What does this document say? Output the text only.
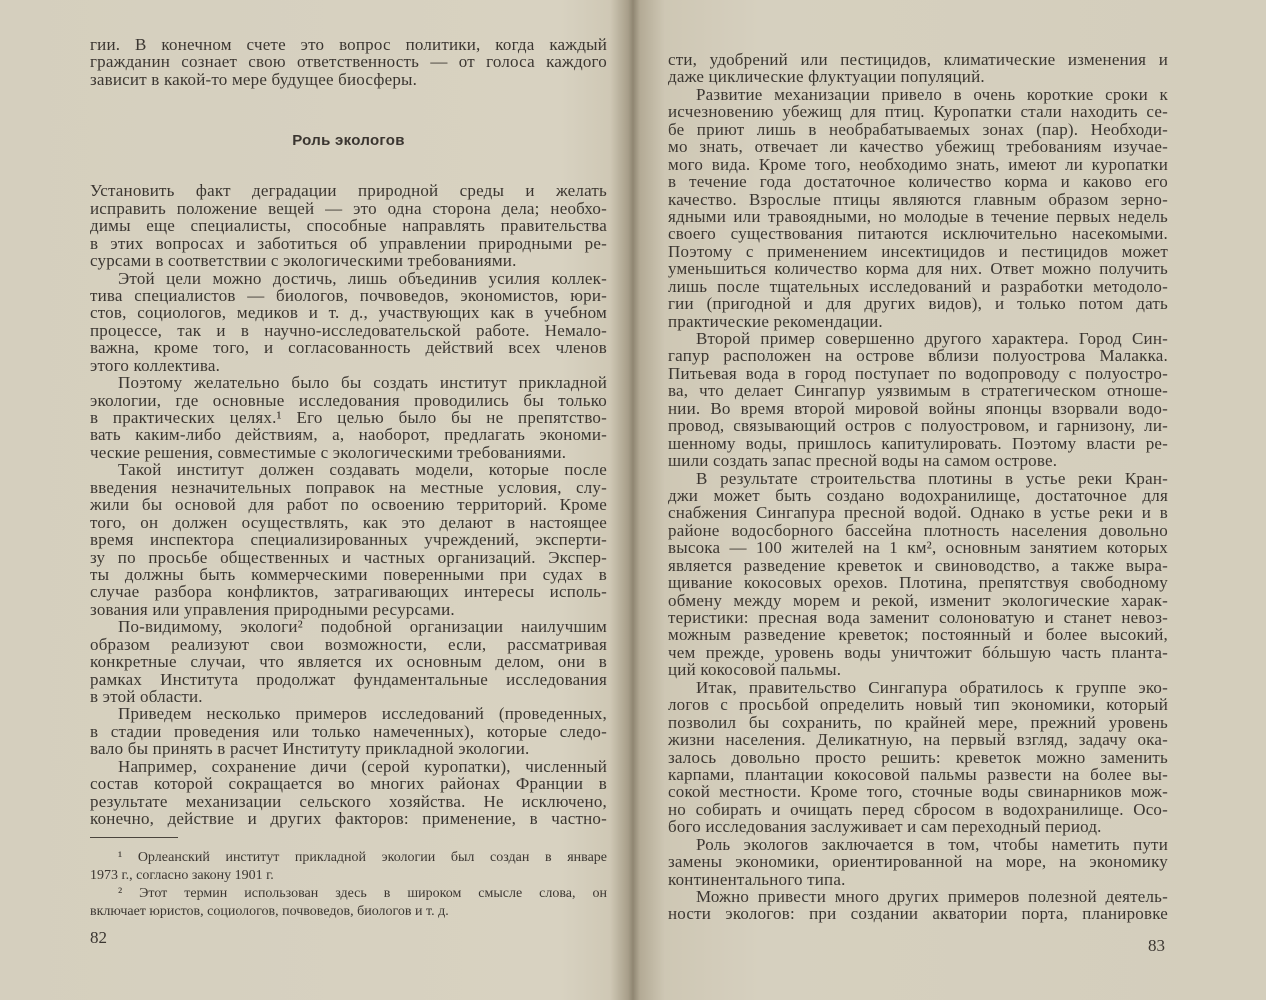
гии. В конечном счете это вопрос политики, когда каждый
гражданин сознает свою ответственность — от голоса каждого
зависит в какой-то мере будущее биосферы.
Роль экологов
Установить факт деградации природной среды и желать
исправить положение вещей — это одна сторона дела; необхо-
димы еще специалисты, способные направлять правительства
в этих вопросах и заботиться об управлении природными ре-
сурсами в соответствии с экологическими требованиями.
Этой цели можно достичь, лишь объединив усилия коллек-
тива специалистов — биологов, почвоведов, экономистов, юри-
стов, социологов, медиков и т. д., участвующих как в учебном
процессе, так и в научно-исследовательской работе. Немало-
важна, кроме того, и согласованность действий всех членов
этого коллектива.
Поэтому желательно было бы создать институт прикладной
экологии, где основные исследования проводились бы только
в практических целях.¹ Его целью было бы не препятство-
вать каким-либо действиям, а, наоборот, предлагать экономи-
ческие решения, совместимые с экологическими требованиями.
Такой институт должен создавать модели, которые после
введения незначительных поправок на местные условия, слу-
жили бы основой для работ по освоению территорий. Кроме
того, он должен осуществлять, как это делают в настоящее
время инспектора специализированных учреждений, эксперти-
зу по просьбе общественных и частных организаций. Экспер-
ты должны быть коммерческими поверенными при судах в
случае разбора конфликтов, затрагивающих интересы исполь-
зования или управления природными ресурсами.
По-видимому, экологи² подобной организации наилучшим
образом реализуют свои возможности, если, рассматривая
конкретные случаи, что является их основным делом, они в
рамках Института продолжат фундаментальные исследования
в этой области.
Приведем несколько примеров исследований (проведенных,
в стадии проведения или только намеченных), которые следо-
вало бы принять в расчет Институту прикладной экологии.
Например, сохранение дичи (серой куропатки), численный
состав которой сокращается во многих районах Франции в
результате механизации сельского хозяйства. Не исключено,
конечно, действие и других факторов: применение, в частно-
¹ Орлеанский институт прикладной экологии был создан в январе
1973 г., согласно закону 1901 г.
² Этот термин использован здесь в широком смысле слова, он
включает юристов, социологов, почвоведов, биологов и т. д.
82
сти, удобрений или пестицидов, климатические изменения и
даже циклические флуктуации популяций.
Развитие механизации привело в очень короткие сроки к
исчезновению убежищ для птиц. Куропатки стали находить се-
бе приют лишь в необрабатываемых зонах (пар). Необходи-
мо знать, отвечает ли качество убежищ требованиям изучае-
мого вида. Кроме того, необходимо знать, имеют ли куропатки
в течение года достаточное количество корма и каково его
качество. Взрослые птицы являются главным образом зерно-
ядными или травоядными, но молодые в течение первых недель
своего существования питаются исключительно насекомыми.
Поэтому с применением инсектицидов и пестицидов может
уменьшиться количество корма для них. Ответ можно получить
лишь после тщательных исследований и разработки методоло-
гии (пригодной и для других видов), и только потом дать
практические рекомендации.
Второй пример совершенно другого характера. Город Син-
гапур расположен на острове вблизи полуострова Малакка.
Питьевая вода в город поступает по водопроводу с полуостро-
ва, что делает Сингапур уязвимым в стратегическом отноше-
нии. Во время второй мировой войны японцы взорвали водо-
провод, связывающий остров с полуостровом, и гарнизону, ли-
шенному воды, пришлось капитулировать. Поэтому власти ре-
шили создать запас пресной воды на самом острове.
В результате строительства плотины в устье реки Кран-
джи может быть создано водохранилище, достаточное для
снабжения Сингапура пресной водой. Однако в устье реки и в
районе водосборного бассейна плотность населения довольно
высока — 100 жителей на 1 км², основным занятием которых
является разведение креветок и свиноводство, а также выра-
щивание кокосовых орехов. Плотина, препятствуя свободному
обмену между морем и рекой, изменит экологические харак-
теристики: пресная вода заменит солоноватую и станет невоз-
можным разведение креветок; постоянный и более высокий,
чем прежде, уровень воды уничтожит бóльшую часть планта-
ций кокосовой пальмы.
Итак, правительство Сингапура обратилось к группе эко-
логов с просьбой определить новый тип экономики, который
позволил бы сохранить, по крайней мере, прежний уровень
жизни населения. Деликатную, на первый взгляд, задачу ока-
залось довольно просто решить: креветок можно заменить
карпами, плантации кокосовой пальмы развести на более вы-
сокой местности. Кроме того, сточные воды свинарников мож-
но собирать и очищать перед сбросом в водохранилище. Осо-
бого исследования заслуживает и сам переходный период.
Роль экологов заключается в том, чтобы наметить пути
замены экономики, ориентированной на море, на экономику
континентального типа.
Можно привести много других примеров полезной деятель-
ности экологов: при создании акватории порта, планировке
83
